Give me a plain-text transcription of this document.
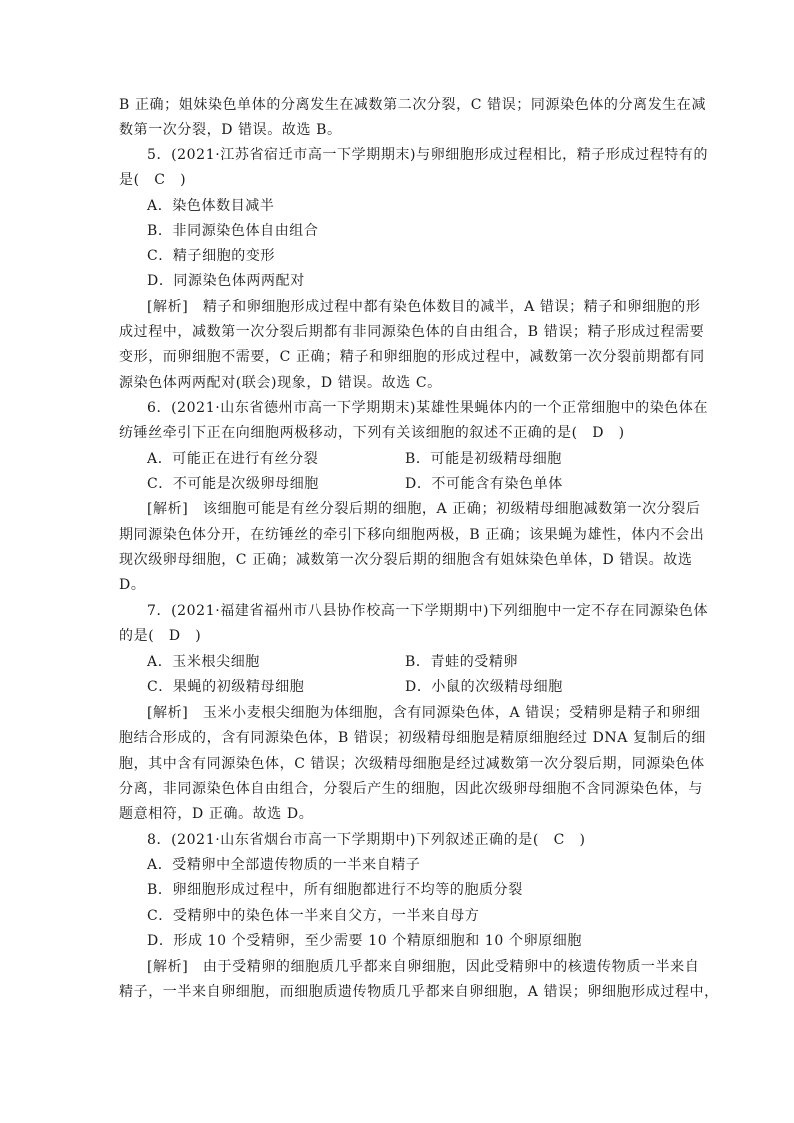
B 正确；姐妹染色单体的分离发生在减数第二次分裂，C 错误；同源染色体的分离发生在减
数第一次分裂，D 错误。故选 B。
5．(2021·江苏省宿迁市高一下学期期末)与卵细胞形成过程相比，精子形成过程特有的
是(　C　)
A．染色体数目减半
B．非同源染色体自由组合
C．精子细胞的变形
D．同源染色体两两配对
[解析]　精子和卵细胞形成过程中都有染色体数目的减半，A 错误；精子和卵细胞的形
成过程中，减数第一次分裂后期都有非同源染色体的自由组合，B 错误；精子形成过程需要
变形，而卵细胞不需要，C 正确；精子和卵细胞的形成过程中，减数第一次分裂前期都有同
源染色体两两配对(联会)现象，D 错误。故选 C。
6．(2021·山东省德州市高一下学期期末)某雄性果蝇体内的一个正常细胞中的染色体在
纺锤丝牵引下正在向细胞两极移动，下列有关该细胞的叙述不正确的是(　D　)
A．可能正在进行有丝分裂	B．可能是初级精母细胞
C．不可能是次级卵母细胞	D．不可能含有染色单体
[解析]　该细胞可能是有丝分裂后期的细胞，A 正确；初级精母细胞减数第一次分裂后
期同源染色体分开，在纺锤丝的牵引下移向细胞两极，B 正确；该果蝇为雄性，体内不会出
现次级卵母细胞，C 正确；减数第一次分裂后期的细胞含有姐妹染色单体，D 错误。故选
D。
7．(2021·福建省福州市八县协作校高一下学期期中)下列细胞中一定不存在同源染色体
的是(　D　)
A．玉米根尖细胞	B．青蛙的受精卵
C．果蝇的初级精母细胞	D．小鼠的次级精母细胞
[解析]　玉米小麦根尖细胞为体细胞，含有同源染色体，A 错误；受精卵是精子和卵细
胞结合形成的，含有同源染色体，B 错误；初级精母细胞是精原细胞经过 DNA 复制后的细
胞，其中含有同源染色体，C 错误；次级精母细胞是经过减数第一次分裂后期，同源染色体
分离，非同源染色体自由组合，分裂后产生的细胞，因此次级卵母细胞不含同源染色体，与
题意相符，D 正确。故选 D。
8．(2021·山东省烟台市高一下学期期中)下列叙述正确的是(　C　)
A．受精卵中全部遗传物质的一半来自精子
B．卵细胞形成过程中，所有细胞都进行不均等的胞质分裂
C．受精卵中的染色体一半来自父方，一半来自母方
D．形成 10 个受精卵，至少需要 10 个精原细胞和 10 个卵原细胞
[解析]　由于受精卵的细胞质几乎都来自卵细胞，因此受精卵中的核遗传物质一半来自
精子，一半来自卵细胞，而细胞质遗传物质几乎都来自卵细胞，A 错误；卵细胞形成过程中，
